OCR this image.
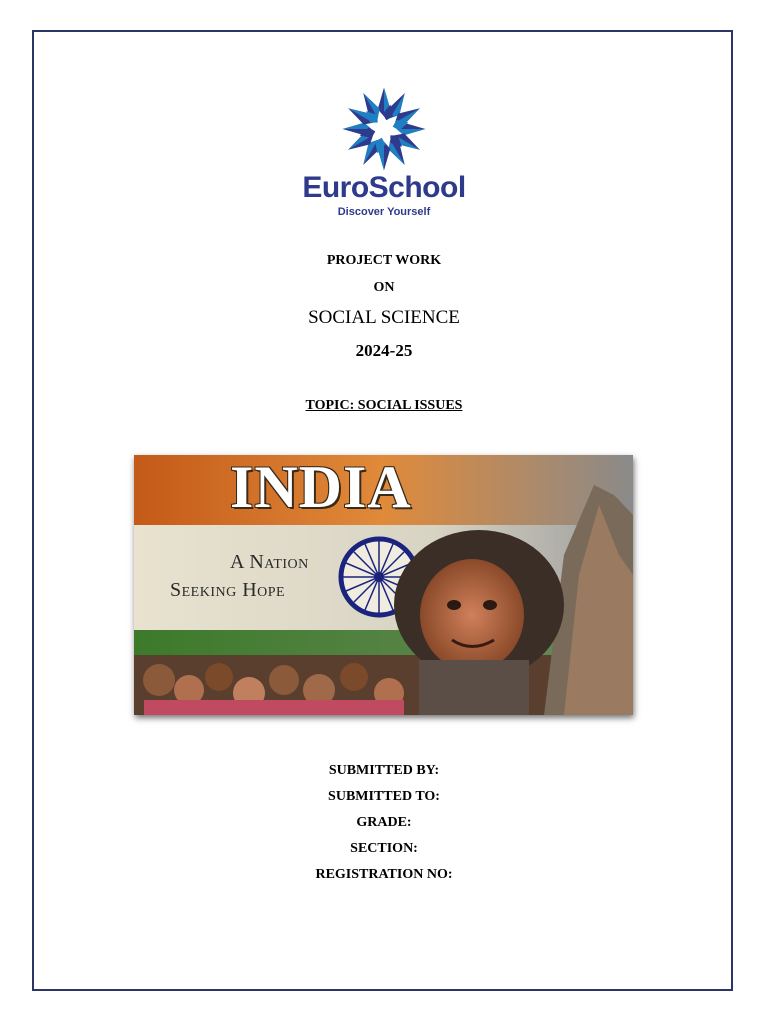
EuroSchool
Discover Yourself
PROJECT WORK
ON
SOCIAL SCIENCE
2024-25
TOPIC: SOCIAL ISSUES
INDIA
A Nation
Seeking Hope
SUBMITTED BY:
SUBMITTED TO:
GRADE:
SECTION:
REGISTRATION NO:
